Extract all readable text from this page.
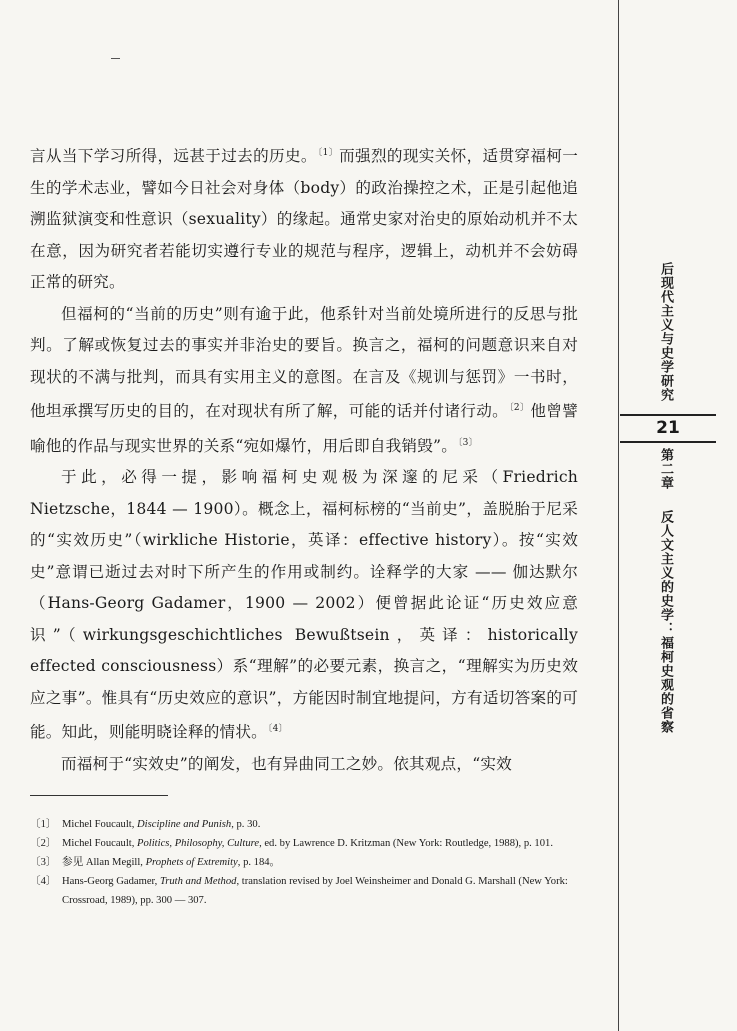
言从当下学习所得，远甚于过去的历史。$^{〔1〕}$而强烈的现实关怀，适贯穿福柯一生的学术志业，譬如今日社会对身体（body）的政治操控之术，正是引起他追溯监狱演变和性意识（sexuality）的缘起。通常史家对治史的原始动机并不太在意，因为研究者若能切实遵行专业的规范与程序，逻辑上，动机并不会妨碍正常的研究。

但福柯的“当前的历史”则有逾于此，他系针对当前处境所进行的反思与批判。了解或恢复过去的事实并非治史的要旨。换言之，福柯的问题意识来自对现状的不满与批判，而具有实用主义的意图。在言及《规训与惩罚》一书时，他坦承撰写历史的目的，在对现状有所了解，可能的话并付诸行动。$^{〔2〕}$他曾譬喻他的作品与现实世界的关系“宛如爆竹，用后即自我销毁”。$^{〔3〕}$

于此，必得一提，影响福柯史观极为深邃的尼采（Friedrich Nietzsche，1844 — 1900）。概念上，福柯标榜的“当前史”，盖脱胎于尼采的“实效历史”（wirkliche Historie，英译：effective history）。按“实效史”意谓已逝过去对时下所产生的作用或制约。诠释学的大家 —— 伽达默尔（Hans-Georg Gadamer，1900 — 2002）便曾据此论证“历史效应意识”（wirkungsgeschichtliches Bewußtsein，英译：historically effected consciousness）系“理解”的必要元素，换言之，“理解实为历史效应之事”。惟具有“历史效应的意识”，方能因时制宜地提问，方有适切答案的可能。知此，则能明晓诠释的情状。$^{〔4〕}$

而福柯于“实效史”的阐发，也有异曲同工之妙。依其观点，“实效

〔1〕 Michel Foucault, Discipline and Punish, p. 30.
〔2〕 Michel Foucault, Politics, Philosophy, Culture, ed. by Lawrence D. Kritzman (New York: Routledge, 1988), p. 101.
〔3〕 参见 Allan Megill, Prophets of Extremity, p. 184。
〔4〕 Hans-Georg Gadamer, Truth and Method, translation revised by Joel Weinsheimer and Donald G. Marshall (New York: Crossroad, 1989), pp. 300 — 307.
后现代主义与史学研究
21
第二章反人文主义的史学：福柯史观的省察
